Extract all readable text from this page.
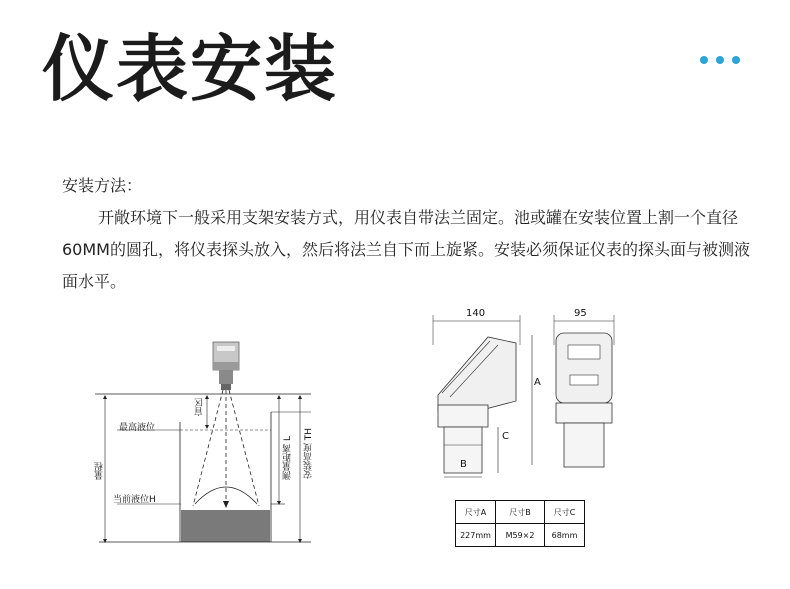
仪表安装
安装方法：
开敞环境下一般采用支架安装方式，用仪表自带法兰固定。池或罐在安装位置上割一个直径60MM的圆孔，将仪表探头放入，然后将法兰自下而上旋紧。安装必须保证仪表的探头面与被测液面水平。
盲区
最高液位
当前液位H
量程	测量距离 L 安装高度 TH
140	95
A
B
C
尺寸A	尺寸B	尺寸C
227mm	M59×2	68mm
